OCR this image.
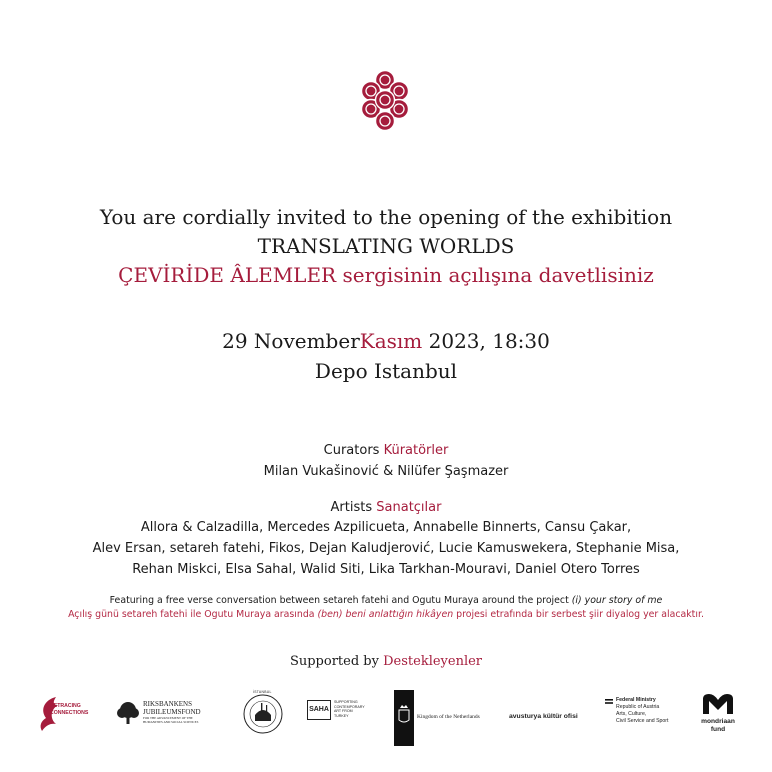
You are cordially invited to the opening of the exhibition
TRANSLATING WORLDS
ÇEVİRİDE ÂLEMLER sergisinin açılışına davetlisiniz
29 NovemberKasım 2023, 18:30
Depo Istanbul
Curators Küratörler
Milan Vukašinović & Nilüfer Şaşmazer
Artists Sanatçılar
Allora & Calzadilla, Mercedes Azpilicueta, Annabelle Binnerts, Cansu Çakar,
Alev Ersan, setareh fatehi, Fikos, Dejan Kaludjerović, Lucie Kamuswekera, Stephanie Misa,
Rehan Miskci, Elsa Sahal, Walid Siti, Lika Tarkhan-Mouravi, Daniel Otero Torres
Featuring a free verse conversation between setareh fatehi and Ogutu Muraya around the project (i) your story of me
Açılış günü setareh fatehi ile Ogutu Muraya arasında (ben) beni anlattığın hikâyen projesi etrafında bir serbest şiir diyalog yer alacaktır.
Supported by Destekleyenler
RETRACING
CONNECTIONS
RIKSBANKENS
JUBILEUMSFOND
FOR THE ADVANCEMENT OF THE HUMANITIES AND SOCIAL SCIENCES
İSTANBUL
SAHA
SUPPORTING
CONTEMPORARY
ART FROM
TURKEY	Kingdom of the Netherlands	avusturya kültür ofisi
Federal Ministry
Republic of Austria
Arts, Culture,
Civil Service and Sport	mondriaan
fund
